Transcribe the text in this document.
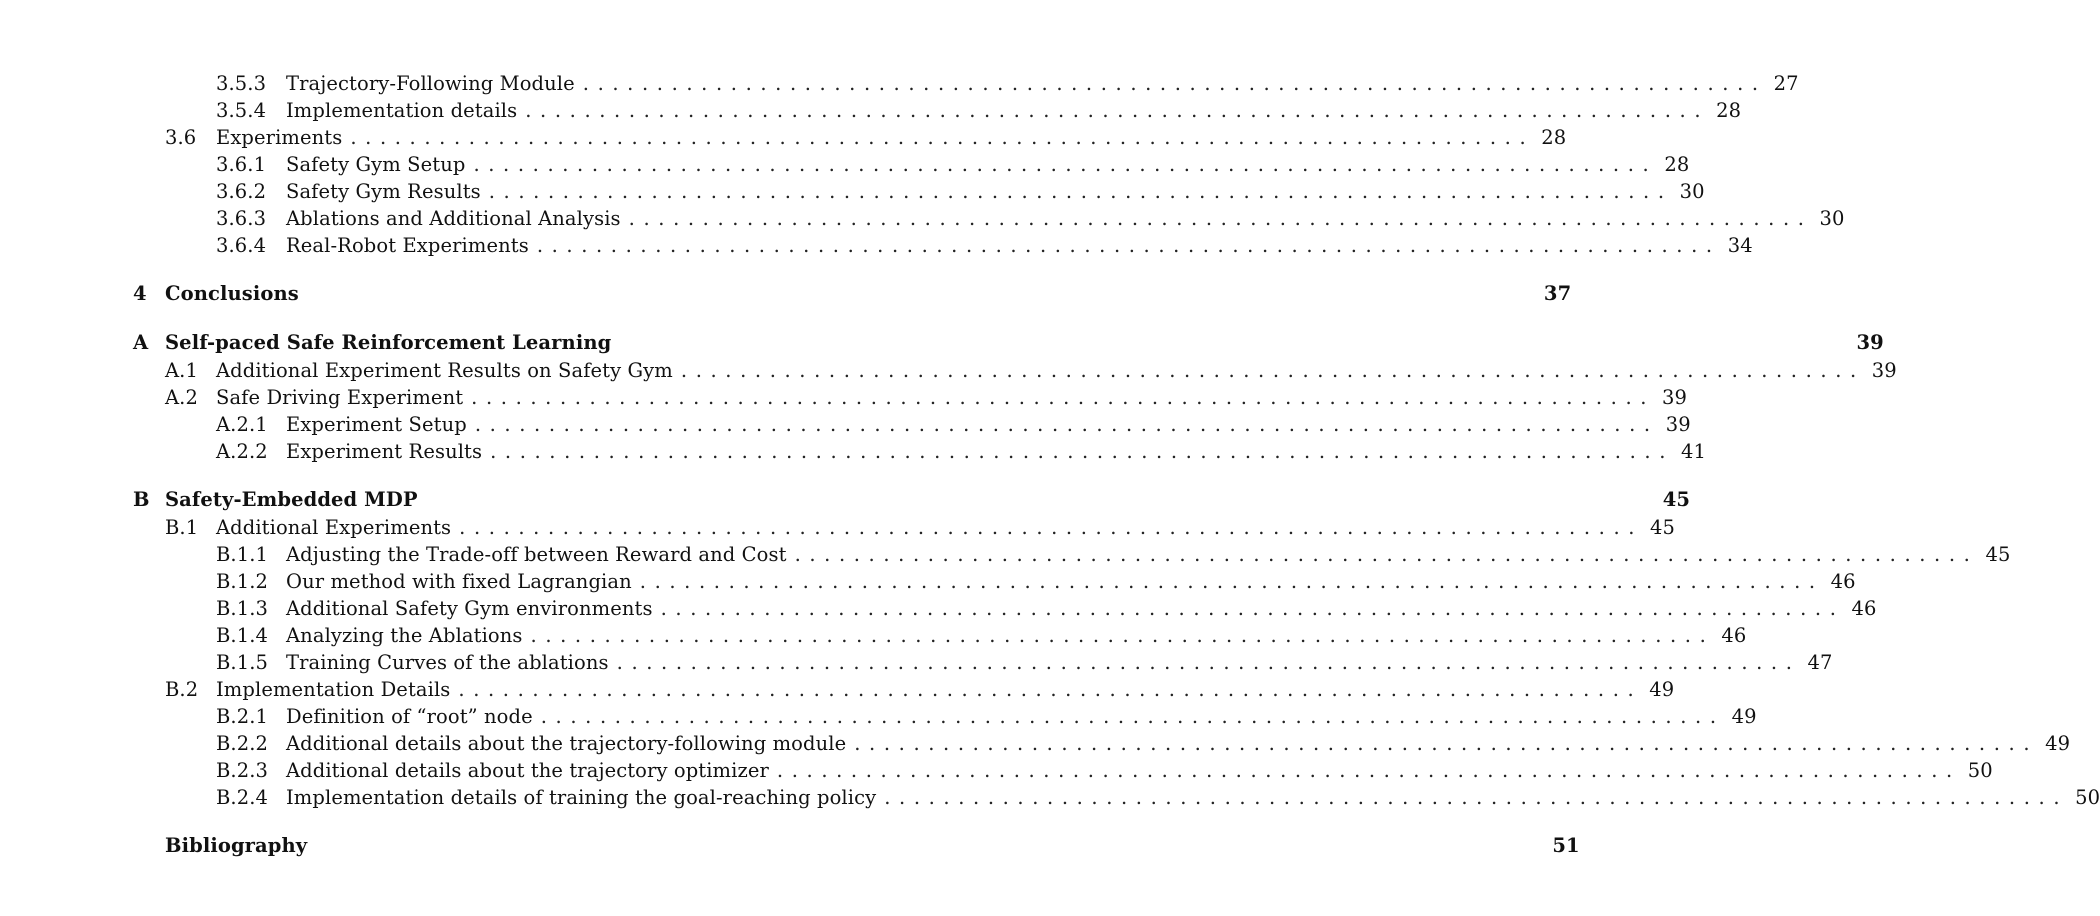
3.5.3	Trajectory-Following Module ................................................................................ 27
3.5.4	Implementation details ................................................................................ 28
3.6	Experiments ................................................................................ 28
3.6.1	Safety Gym Setup ................................................................................ 28
3.6.2	Safety Gym Results ................................................................................ 30
3.6.3	Ablations and Additional Analysis ................................................................................ 30
3.6.4	Real-Robot Experiments ................................................................................ 34
4 Conclusions	37
A Self-paced Safe Reinforcement Learning	39
A.1 Additional Experiment Results on Safety Gym ................................................................................ 39
A.2 Safe Driving Experiment ................................................................................ 39
A.2.1 Experiment Setup ................................................................................ 39
A.2.2 Experiment Results ................................................................................ 41
B Safety-Embedded MDP	45
B.1 Additional Experiments ................................................................................ 45
B.1.1 Adjusting the Trade-off between Reward and Cost ................................................................................ 45
B.1.2 Our method with fixed Lagrangian ................................................................................ 46
B.1.3 Additional Safety Gym environments ................................................................................ 46
B.1.4 Analyzing the Ablations ................................................................................ 46
B.1.5 Training Curves of the ablations ................................................................................ 47
B.2 Implementation Details ................................................................................ 49
B.2.1 Definition of “root” node ................................................................................ 49
B.2.2 Additional details about the trajectory-following module ................................................................................ 49
B.2.3 Additional details about the trajectory optimizer ................................................................................ 50
B.2.4 Implementation details of training the goal-reaching policy ................................................................................ 50
Bibliography	51
